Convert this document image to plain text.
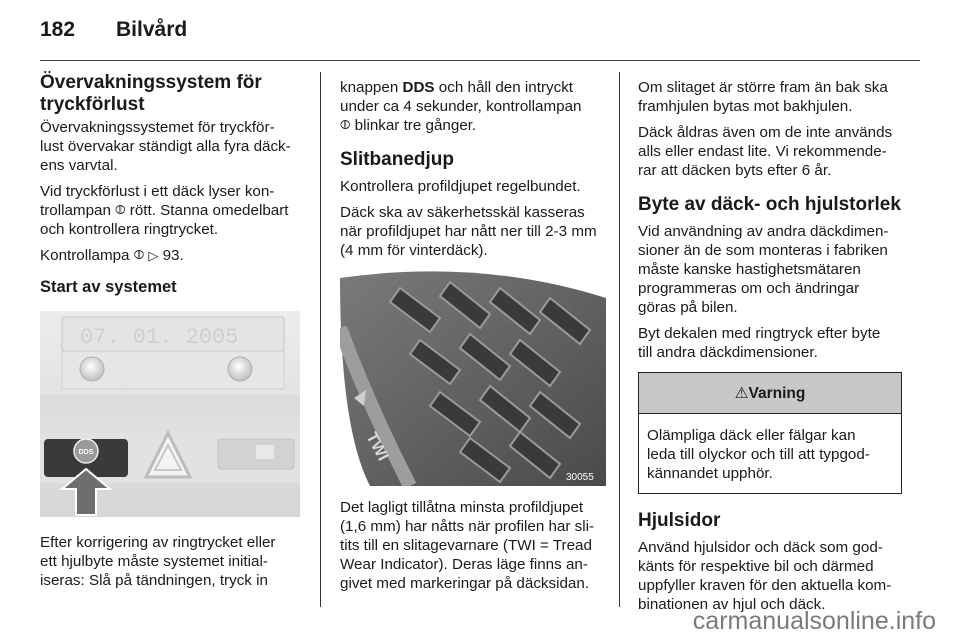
182	Bilvård
Övervakningssystem för
tryckförlust

Övervakningssystemet för tryckför-
lust övervakar ständigt alla fyra däck-
ens varvtal.

Vid tryckförlust i ett däck lyser kon-
trollampan ⦷ rött. Stanna omedelbart
och kontrollera ringtrycket.

Kontrollampa ⦷ ▷ 93.

Start av systemet
07. 01. 2005
DDS

Efter korrigering av ringtrycket eller
ett hjulbyte måste systemet initial-
iseras: Slå på tändningen, tryck in

knappen DDS och håll den intryckt
under ca 4 sekunder, kontrollampan
⦷ blinkar tre gånger.

Slitbanedjup

Kontrollera profildjupet regelbundet.

Däck ska av säkerhetsskäl kasseras
när profildjupet har nått ner till 2-3 mm
(4 mm för vinterdäck).

TWI
30055

Det lagligt tillåtna minsta profildjupet
(1,6 mm) har nåtts när profilen har sli-
tits till en slitagevarnare (TWI = Tread
Wear Indicator). Deras läge finns an-
givet med markeringar på däcksidan.

Om slitaget är större fram än bak ska
framhjulen bytas mot bakhjulen.

Däck åldras även om de inte används
alls eller endast lite. Vi rekommende-
rar att däcken byts efter 6 år.

Byte av däck- och hjulstorlek

Vid användning av andra däckdimen-
sioner än de som monteras i fabriken
måste kanske hastighetsmätaren
programmeras om och ändringar
göras på bilen.

Byt dekalen med ringtryck efter byte
till andra däckdimensioner.

⚠ Varning
Olämpliga däck eller fälgar kan
leda till olyckor och till att typgod-
kännandet upphör.
Hjulsidor

Använd hjulsidor och däck som god-
känts för respektive bil och därmed
uppfyller kraven för den aktuella kom-
binationen av hjul och däck.

carmanualsonline.info
